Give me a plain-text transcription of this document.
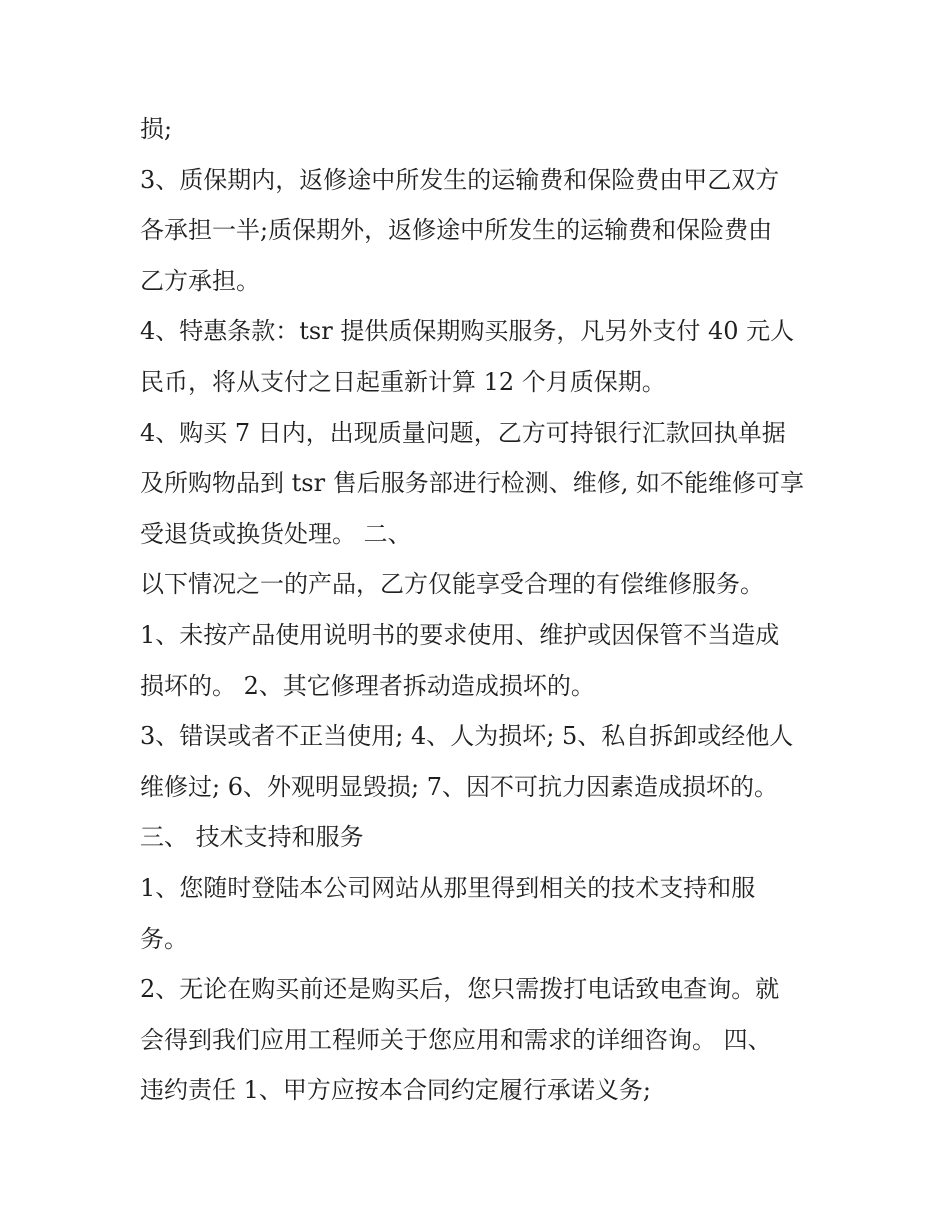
损;
3、质保期内，返修途中所发生的运输费和保险费由甲乙双方
各承担一半;质保期外，返修途中所发生的运输费和保险费由
乙方承担。
4、特惠条款：tsr 提供质保期购买服务，凡另外支付 40 元人
民币，将从支付之日起重新计算 12 个月质保期。
4、购买 7 日内，出现质量问题，乙方可持银行汇款回执单据
及所购物品到 tsr 售后服务部进行检测、维修, 如不能维修可享
受退货或换货处理。 二、
以下情况之一的产品，乙方仅能享受合理的有偿维修服务。
1、未按产品使用说明书的要求使用、维护或因保管不当造成
损坏的。 2、其它修理者拆动造成损坏的。
3、错误或者不正当使用; 4、人为损坏; 5、私自拆卸或经他人
维修过; 6、外观明显毁损; 7、因不可抗力因素造成损坏的。
三、 技术支持和服务
1、您随时登陆本公司网站从那里得到相关的技术支持和服
务。
2、无论在购买前还是购买后，您只需拨打电话致电查询。就
会得到我们应用工程师关于您应用和需求的详细咨询。 四、
违约责任 1、甲方应按本合同约定履行承诺义务;
